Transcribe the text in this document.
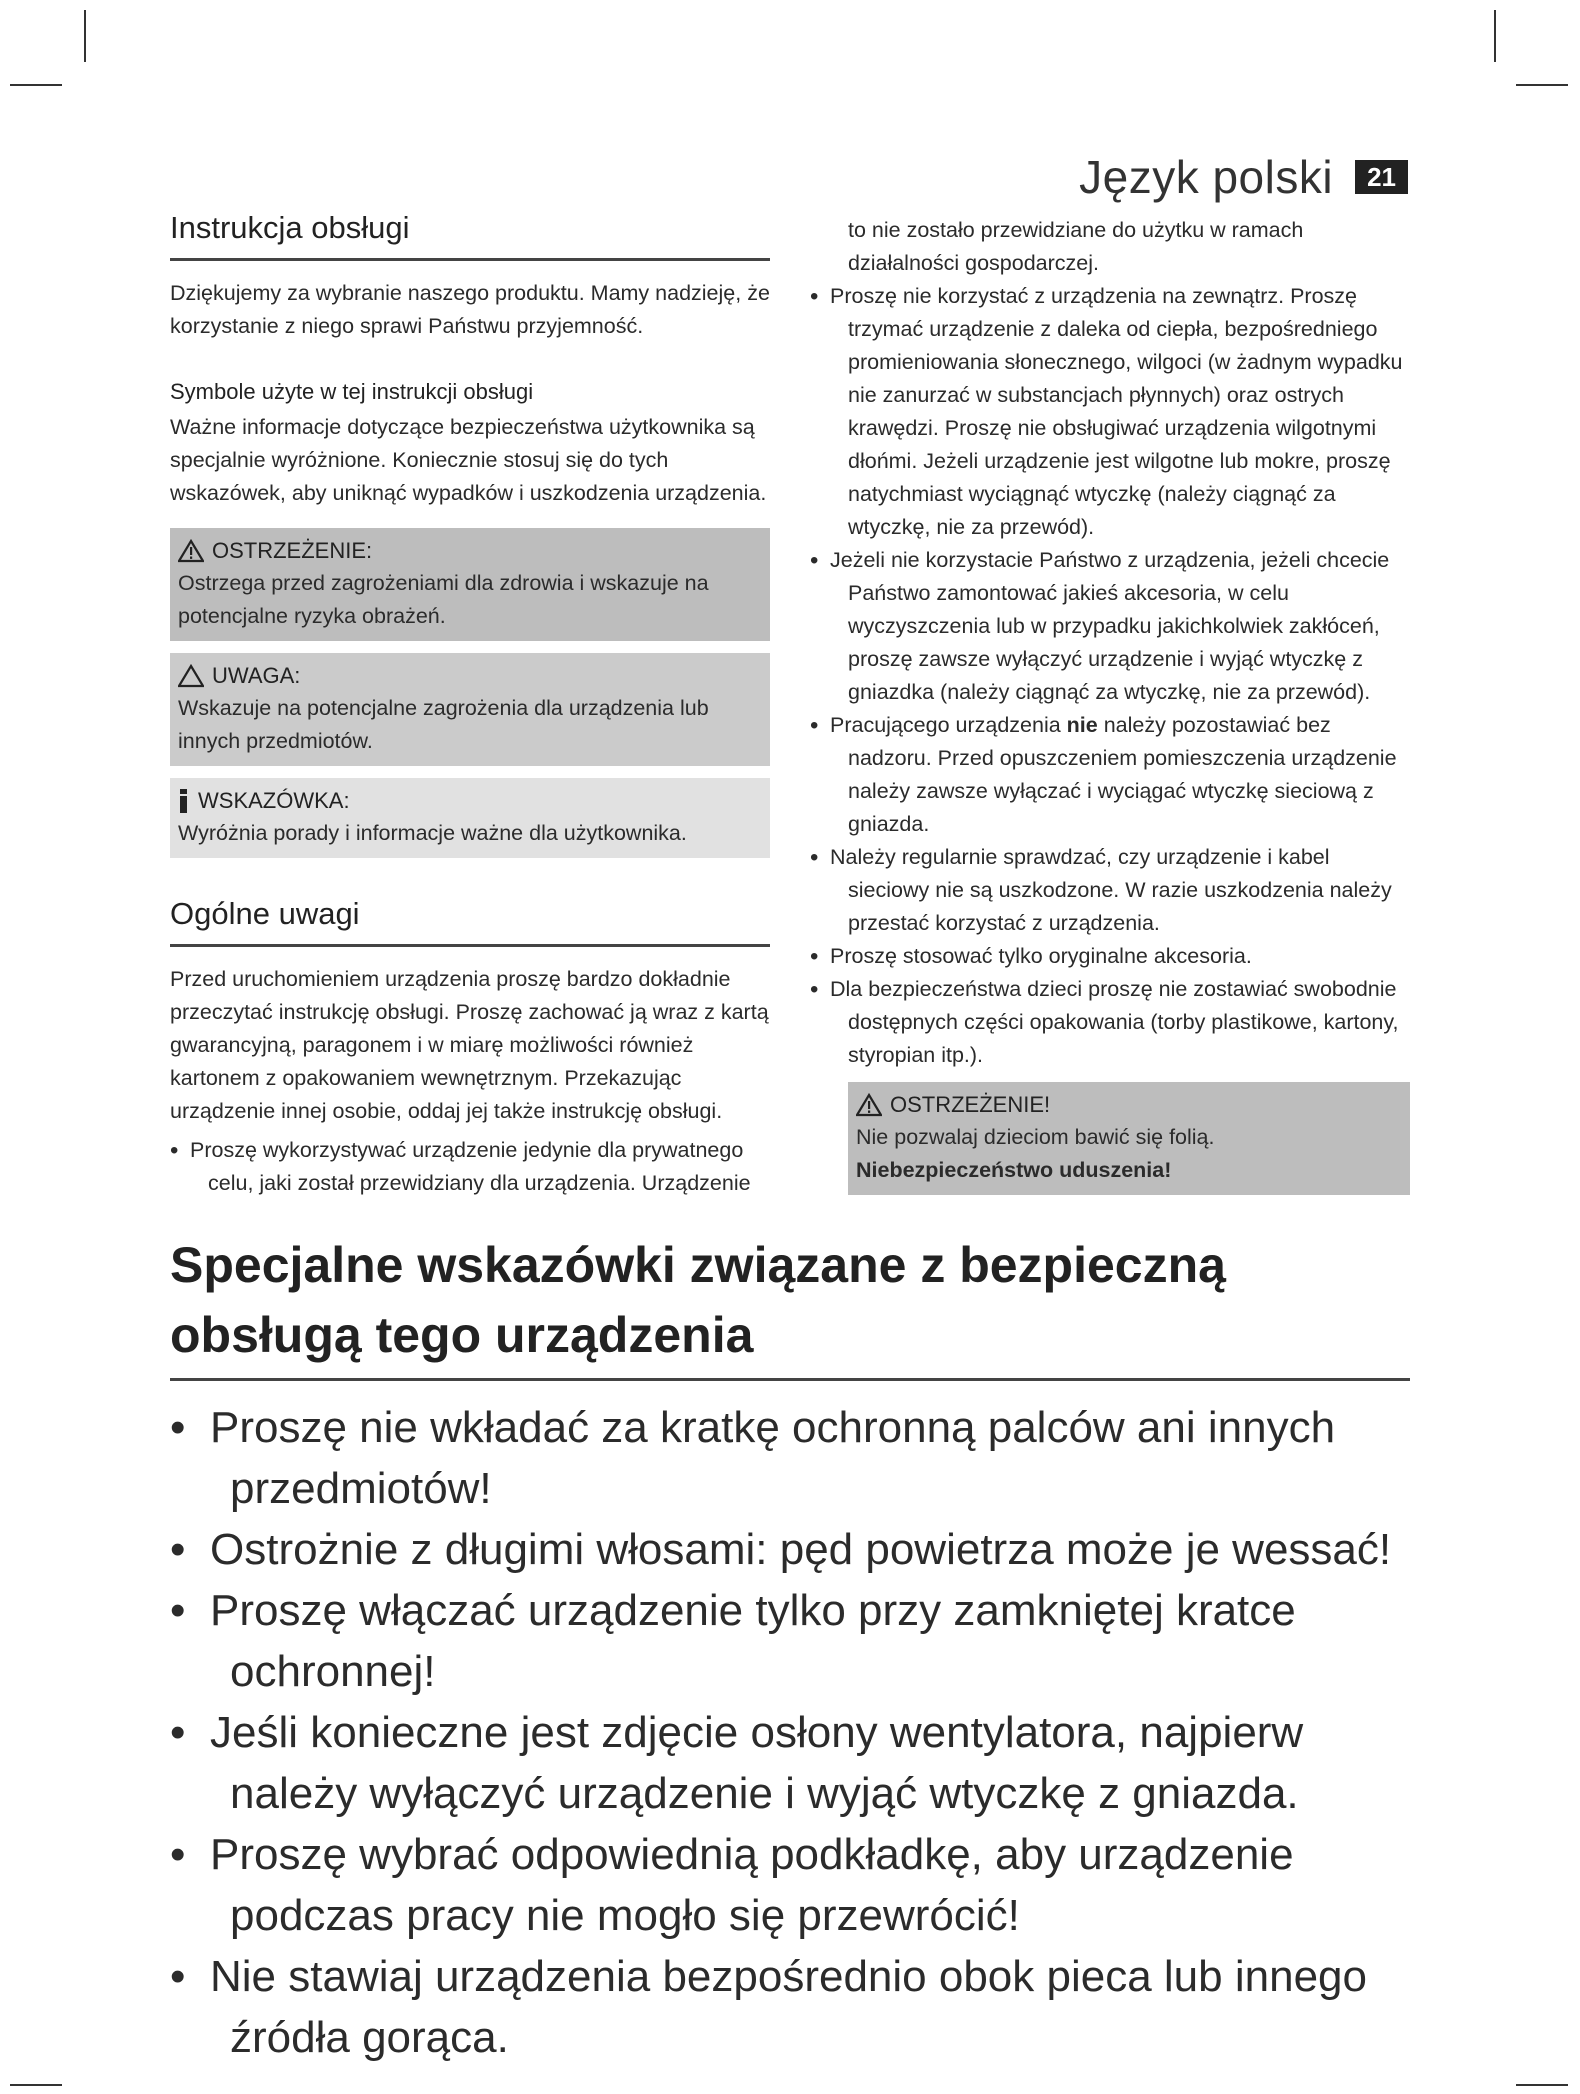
Język polski	21
Instrukcja obsługi

Dziękujemy za wybranie naszego produktu. Mamy nadzieję, że korzystanie z niego sprawi Państwu przyjemność.

Symbole użyte w tej instrukcji obsługi

Ważne informacje dotyczące bezpieczeństwa użytkownika są specjalnie wyróżnione. Koniecznie stosuj się do tych wskazówek, aby uniknąć wypadków i uszkodzenia urządzenia.

OSTRZEŻENIE:
Ostrzega przed zagrożeniami dla zdrowia i wskazuje na potencjalne ryzyka obrażeń.
UWAGA:
Wskazuje na potencjalne zagrożenia dla urządzenia lub innych przedmiotów.
WSKAZÓWKA:
Wyróżnia porady i informacje ważne dla użytkownika.
Ogólne uwagi

Przed uruchomieniem urządzenia proszę bardzo dokładnie przeczytać instrukcję obsługi. Proszę zachować ją wraz z kartą gwarancyjną, paragonem i w miarę możliwości również kartonem z opakowaniem wewnętrznym. Przekazując urządzenie innej osobie, oddaj jej także instrukcję obsługi.

• Proszę wykorzystywać urządzenie jedynie dla prywatnego celu, jaki został przewidziany dla urządzenia. Urządzenie

to nie zostało przewidziane do użytku w ramach działalności gospodarczej.

• Proszę nie korzystać z urządzenia na zewnątrz. Proszę trzymać urządzenie z daleka od ciepła, bezpośredniego promieniowania słonecznego, wilgoci (w żadnym wypadku nie zanurzać w substancjach płynnych) oraz ostrych krawędzi. Proszę nie obsługiwać urządzenia wilgotnymi dłońmi. Jeżeli urządzenie jest wilgotne lub mokre, proszę natychmiast wyciągnąć wtyczkę (należy ciągnąć za wtyczkę, nie za przewód).
• Jeżeli nie korzystacie Państwo z urządzenia, jeżeli chcecie Państwo zamontować jakieś akcesoria, w celu wyczyszczenia lub w przypadku jakichkolwiek zakłóceń, proszę zawsze wyłączyć urządzenie i wyjąć wtyczkę z gniazdka (należy ciągnąć za wtyczkę, nie za przewód).
• Pracującego urządzenia nie należy pozostawiać bez nadzoru. Przed opuszczeniem pomieszczenia urządzenie należy zawsze wyłączać i wyciągać wtyczkę sieciową z gniazda.
• Należy regularnie sprawdzać, czy urządzenie i kabel sieciowy nie są uszkodzone. W razie uszkodzenia należy przestać korzystać z urządzenia.
• Proszę stosować tylko oryginalne akcesoria.
• Dla bezpieczeństwa dzieci proszę nie zostawiać swobodnie dostępnych części opakowania (torby plastikowe, kartony, styropian itp.).
OSTRZEŻENIE!
Nie pozwalaj dzieciom bawić się folią. Niebezpieczeństwo uduszenia!
Specjalne wskazówki związane z bezpieczną obsługą tego urządzenia
• Proszę nie wkładać za kratkę ochronną palców ani innych przedmiotów!
• Ostrożnie z długimi włosami: pęd powietrza może je wessać!
• Proszę włączać urządzenie tylko przy zamkniętej kratce ochronnej!
• Jeśli konieczne jest zdjęcie osłony wentylatora, najpierw należy wyłączyć urządzenie i wyjąć wtyczkę z gniazda.
• Proszę wybrać odpowiednią podkładkę, aby urządzenie podczas pracy nie mogło się przewrócić!
• Nie stawiaj urządzenia bezpośrednio obok pieca lub innego źródła gorąca.
